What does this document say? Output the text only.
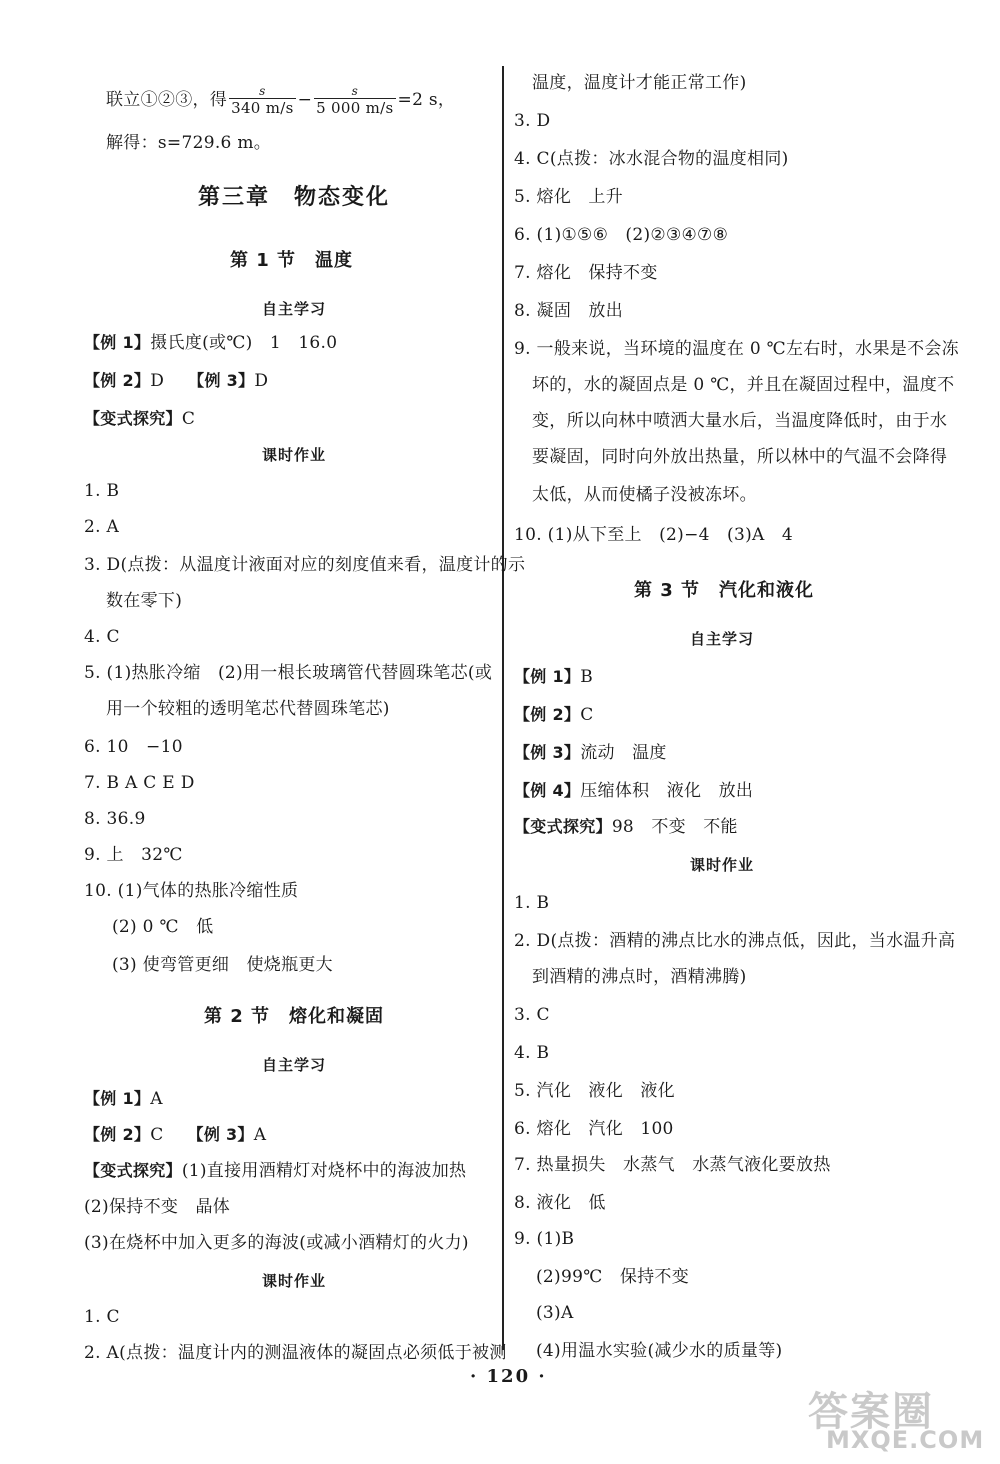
联立①②③，得 $\frac{s}{340 m/s} - \frac{s}{5 000 m/s} =2$ s，
解得：s=729.6 m。
第三章　物态变化
第 1 节　温度
自主学习
【例 1】摄氏度(或℃)　1　16.0
【例 2】D 【例 3】D
【变式探究】C
课时作业
1. B
2. A
3. D(点拨：从温度计液面对应的刻度值来看，温度计的示
数在零下)
4. C
5. (1)热胀冷缩　(2)用一根长玻璃管代替圆珠笔芯(或
用一个较粗的透明笔芯代替圆珠笔芯)
6. 10　−10
7. B A C E D
8. 36.9
9. 上　32℃
10. (1)气体的热胀冷缩性质
(2) 0 ℃　低
(3) 使弯管更细　使烧瓶更大
第 2 节　熔化和凝固
自主学习
【例 1】A
【例 2】C 【例 3】A
【变式探究】(1)直接用酒精灯对烧杯中的海波加热
(2)保持不变　晶体
(3)在烧杯中加入更多的海波(或减小酒精灯的火力)
课时作业
1. C
2. A(点拨：温度计内的测温液体的凝固点必须低于被测
温度，温度计才能正常工作)
3. D
4. C(点拨：冰水混合物的温度相同)
5. 熔化　上升
6. (1)①⑤⑥　(2)②③④⑦⑧
7. 熔化　保持不变
8. 凝固　放出
9. 一般来说，当环境的温度在 0 ℃左右时，水果是不会冻
坏的，水的凝固点是 0 ℃，并且在凝固过程中，温度不
变，所以向林中喷洒大量水后，当温度降低时，由于水
要凝固，同时向外放出热量，所以林中的气温不会降得
太低，从而使橘子没被冻坏。
10. (1)从下至上　(2)−4　(3)A　4
第 3 节　汽化和液化
自主学习
【例 1】B
【例 2】C
【例 3】流动　温度
【例 4】压缩体积　液化　放出
【变式探究】98　不变　不能
课时作业
1. B
2. D(点拨：酒精的沸点比水的沸点低，因此，当水温升高
到酒精的沸点时，酒精沸腾)
3. C
4. B
5. 汽化　液化　液化
6. 熔化　汽化　100
7. 热量损失　水蒸气　水蒸气液化要放热
8. 液化　低
9. (1)B
(2)99℃　保持不变
(3)A
(4)用温水实验(减少水的质量等)
· 120 ·
答案圈
MXQE.COM
